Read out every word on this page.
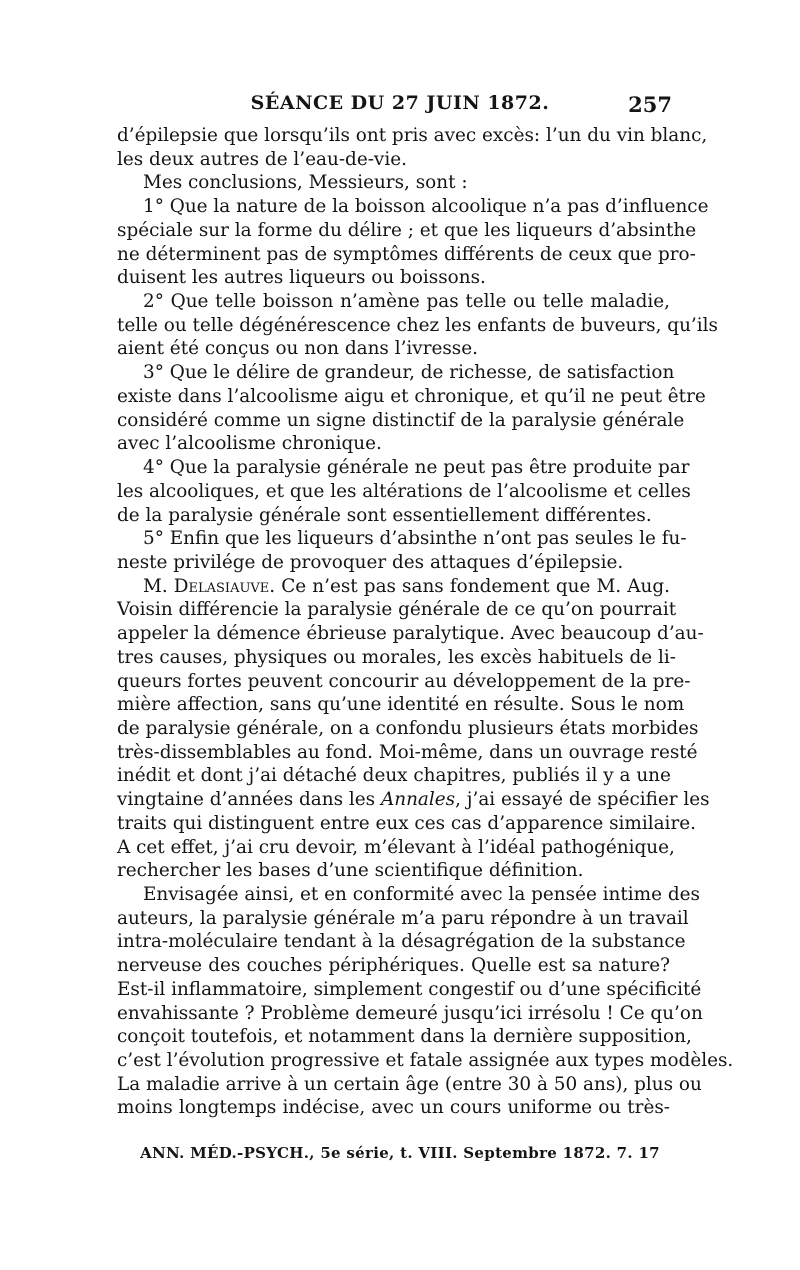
SÉANCE DU 27 JUIN 1872.	257
d’épilepsie que lorsqu’ils ont pris avec excès: l’un du vin blanc,
les deux autres de l’eau-de-vie.
Mes conclusions, Messieurs, sont :
1° Que la nature de la boisson alcoolique n’a pas d’influence
spéciale sur la forme du délire ; et que les liqueurs d’absinthe
ne déterminent pas de symptômes différents de ceux que pro-
duisent les autres liqueurs ou boissons.
2° Que telle boisson n’amène pas telle ou telle maladie,
telle ou telle dégénérescence chez les enfants de buveurs, qu’ils
aient été conçus ou non dans l’ivresse.
3° Que le délire de grandeur, de richesse, de satisfaction
existe dans l’alcoolisme aigu et chronique, et qu’il ne peut être
considéré comme un signe distinctif de la paralysie générale
avec l’alcoolisme chronique.
4° Que la paralysie générale ne peut pas être produite par
les alcooliques, et que les altérations de l’alcoolisme et celles
de la paralysie générale sont essentiellement différentes.
5° Enfin que les liqueurs d’absinthe n’ont pas seules le fu-
neste privilége de provoquer des attaques d’épilepsie.
M. Delasiauve. Ce n’est pas sans fondement que M. Aug.
Voisin différencie la paralysie générale de ce qu’on pourrait
appeler la démence ébrieuse paralytique. Avec beaucoup d’au-
tres causes, physiques ou morales, les excès habituels de li-
queurs fortes peuvent concourir au développement de la pre-
mière affection, sans qu’une identité en résulte. Sous le nom
de paralysie générale, on a confondu plusieurs états morbides
très-dissemblables au fond. Moi-même, dans un ouvrage resté
inédit et dont j’ai détaché deux chapitres, publiés il y a une
vingtaine d’années dans les Annales, j’ai essayé de spécifier les
traits qui distinguent entre eux ces cas d’apparence similaire.
A cet effet, j’ai cru devoir, m’élevant à l’idéal pathogénique,
rechercher les bases d’une scientifique définition.
Envisagée ainsi, et en conformité avec la pensée intime des
auteurs, la paralysie générale m’a paru répondre à un travail
intra-moléculaire tendant à la désagrégation de la substance
nerveuse des couches périphériques. Quelle est sa nature?
Est-il inflammatoire, simplement congestif ou d’une spécificité
envahissante ? Problème demeuré jusqu’ici irrésolu ! Ce qu’on
conçoit toutefois, et notamment dans la dernière supposition,
c’est l’évolution progressive et fatale assignée aux types modèles.
La maladie arrive à un certain âge (entre 30 à 50 ans), plus ou
moins longtemps indécise, avec un cours uniforme ou très-
ANN. MÉD.-PSYCH., 5e série, t. VIII. Septembre 1872. 7. 17
